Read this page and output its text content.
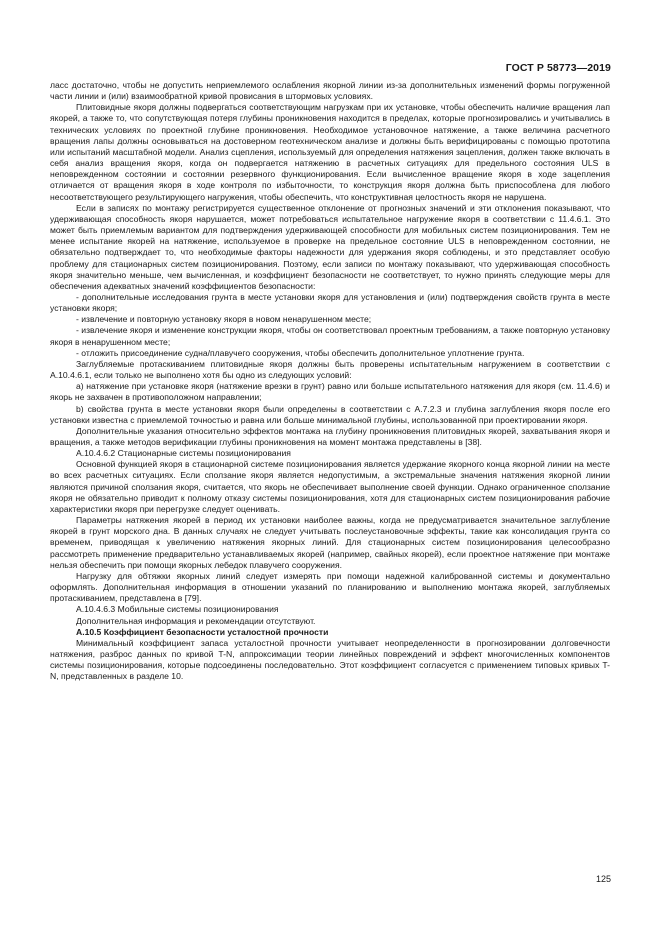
ГОСТ Р 58773—2019

ласс достаточно, чтобы не допустить неприемлемого ослабления якорной линии из-за дополнительных изменений формы погруженной части линии и (или) взаимообратной кривой провисания в штормовых условиях.

Плитовидные якоря должны подвергаться соответствующим нагрузкам при их установке, чтобы обеспечить наличие вращения лап якорей, а также то, что сопутствующая потеря глубины проникновения находится в пределах, которые прогнозировались и учитывались в технических условиях по проектной глубине проникновения. Необходимое установочное натяжение, а также величина расчетного вращения лапы должны основываться на достоверном геотехническом анализе и должны быть верифицированы с помощью прототипа или испытаний масштабной модели. Анализ сцепления, используемый для определения натяжения зацепления, должен также включать в себя анализ вращения якоря, когда он подвергается натяжению в расчетных ситуациях для предельного состояния ULS в неповрежденном состоянии и состоянии резервного функционирования. Если вычисленное вращение якоря в ходе зацепления отличается от вращения якоря в ходе контроля по избыточности, то конструкция якоря должна быть приспособлена для любого несоответствующего результирующего нагружения, чтобы обеспечить, что конструктивная целостность якоря не нарушена.

Если в записях по монтажу регистрируется существенное отклонение от прогнозных значений и эти отклонения показывают, что удерживающая способность якоря нарушается, может потребоваться испытательное нагружение якоря в соответствии с 11.4.6.1. Это может быть приемлемым вариантом для подтверждения удерживающей способности для мобильных систем позиционирования. Тем не менее испытание якорей на натяжение, используемое в проверке на предельное состояние ULS в неповрежденном состоянии, не обязательно подтверждает то, что необходимые факторы надежности для удержания якоря соблюдены, и это представляет особую проблему для стационарных систем позиционирования. Поэтому, если записи по монтажу показывают, что удерживающая способность якоря значительно меньше, чем вычисленная, и коэффициент безопасности не соответствует, то нужно принять следующие меры для обеспечения адекватных значений коэффициентов безопасности:

- дополнительные исследования грунта в месте установки якоря для установления и (или) подтверждения свойств грунта в месте установки якоря;

- извлечение и повторную установку якоря в новом ненарушенном месте;

- извлечение якоря и изменение конструкции якоря, чтобы он соответствовал проектным требованиям, а также повторную установку якоря в ненарушенном месте;

- отложить присоединение судна/плавучего сооружения, чтобы обеспечить дополнительное уплотнение грунта.

Заглубляемые протаскиванием плитовидные якоря должны быть проверены испытательным нагружением в соответствии с А.10.4.6.1, если только не выполнено хотя бы одно из следующих условий:

a) натяжение при установке якоря (натяжение врезки в грунт) равно или больше испытательного натяжения для якоря (см. 11.4.6) и якорь не захвачен в противоположном направлении;

b) свойства грунта в месте установки якоря были определены в соответствии с А.7.2.3 и глубина заглубления якоря после его установки известна с приемлемой точностью и равна или больше минимальной глубины, использованной при проектировании якоря.

Дополнительные указания относительно эффектов монтажа на глубину проникновения плитовидных якорей, захватывания якоря и вращения, а также методов верификации глубины проникновения на момент монтажа представлены в [38].

А.10.4.6.2 Стационарные системы позиционирования

Основной функцией якоря в стационарной системе позиционирования является удержание якорного конца якорной линии на месте во всех расчетных ситуациях. Если сползание якоря является недопустимым, а экстремальные значения натяжения якорной линии являются причиной сползания якоря, считается, что якорь не обеспечивает выполнение своей функции. Однако ограниченное сползание якоря не обязательно приводит к полному отказу системы позиционирования, хотя для стационарных систем позиционирования рабочие характеристики якоря при перегрузке следует оценивать.

Параметры натяжения якорей в период их установки наиболее важны, когда не предусматривается значительное заглубление якорей в грунт морского дна. В данных случаях не следует учитывать послеустановочные эффекты, такие как консолидация грунта со временем, приводящая к увеличению натяжения якорных линий. Для стационарных систем позиционирования целесообразно рассмотреть применение предварительно устанавливаемых якорей (например, свайных якорей), если проектное натяжение при монтаже нельзя обеспечить при помощи якорных лебедок плавучего сооружения.

Нагрузку для обтяжки якорных линий следует измерять при помощи надежной калиброванной системы и документально оформлять. Дополнительная информация в отношении указаний по планированию и выполнению монтажа якорей, заглубляемых протаскиванием, представлена в [79].

А.10.4.6.3 Мобильные системы позиционирования

Дополнительная информация и рекомендации отсутствуют.

А.10.5 Коэффициент безопасности усталостной прочности

Минимальный коэффициент запаса усталостной прочности учитывает неопределенности в прогнозировании долговечности натяжения, разброс данных по кривой T-N, аппроксимации теории линейных повреждений и эффект многочисленных компонентов системы позиционирования, которые подсоединены последовательно. Этот коэффициент согласуется с применением типовых кривых T-N, представленных в разделе 10.

125
